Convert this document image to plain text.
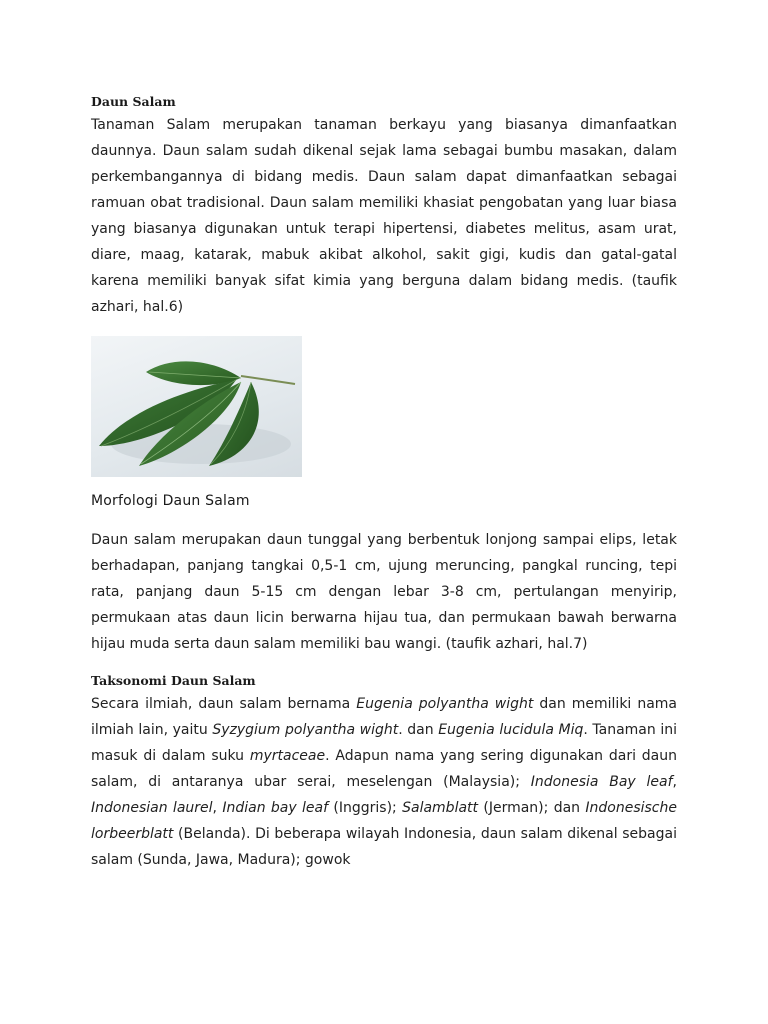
Daun Salam

Tanaman Salam merupakan tanaman berkayu yang biasanya dimanfaatkan daunnya. Daun salam sudah dikenal sejak lama sebagai bumbu masakan, dalam perkembangannya di bidang medis. Daun salam dapat dimanfaatkan sebagai ramuan obat tradisional. Daun salam memiliki khasiat pengobatan yang luar biasa yang biasanya digunakan untuk terapi hipertensi, diabetes melitus, asam urat, diare, maag, katarak, mabuk akibat alkohol, sakit gigi, kudis dan gatal-gatal karena memiliki banyak sifat kimia yang berguna dalam bidang medis. (taufik azhari, hal.6)

Morfologi Daun Salam

Daun salam merupakan daun tunggal yang berbentuk lonjong sampai elips, letak berhadapan, panjang tangkai 0,5-1 cm, ujung meruncing, pangkal runcing, tepi rata, panjang daun 5-15 cm dengan lebar 3-8 cm, pertulangan menyirip, permukaan atas daun licin berwarna hijau tua, dan permukaan bawah berwarna hijau muda serta daun salam memiliki bau wangi. (taufik azhari, hal.7)

Taksonomi Daun Salam

Secara ilmiah, daun salam bernama Eugenia polyantha wight dan memiliki nama ilmiah lain, yaitu Syzygium polyantha wight. dan Eugenia lucidula Miq. Tanaman ini masuk di dalam suku myrtaceae. Adapun nama yang sering digunakan dari daun salam, di antaranya ubar serai, meselengan (Malaysia); Indonesia Bay leaf, Indonesian laurel, Indian bay leaf (Inggris); Salamblatt (Jerman); dan Indonesische lorbeerblatt (Belanda). Di beberapa wilayah Indonesia, daun salam dikenal sebagai salam (Sunda, Jawa, Madura); gowok
